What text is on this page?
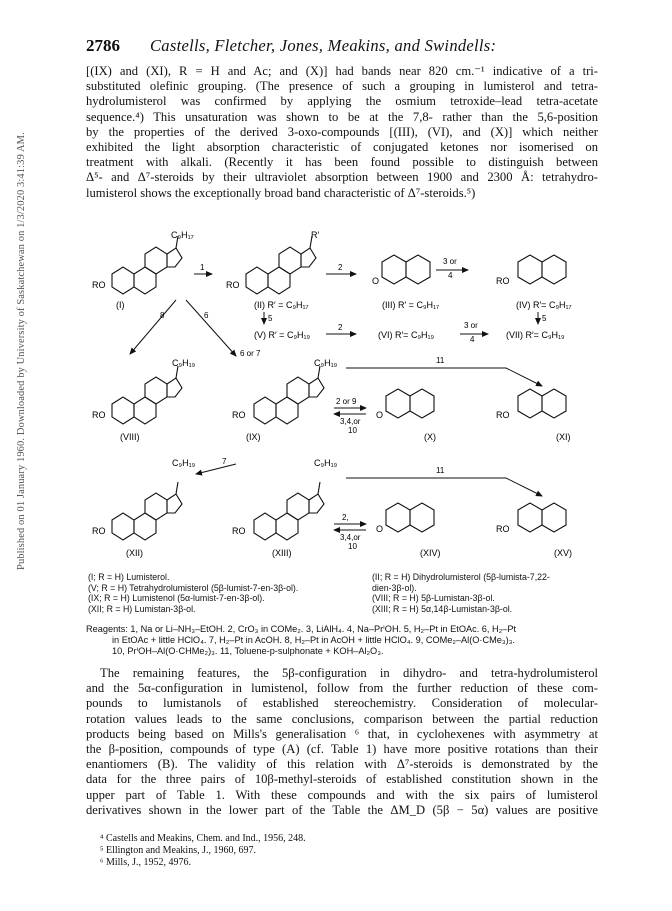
Published on 01 January 1960. Downloaded by University of Saskatchewan on 1/3/2020 3:41:39 AM.
2786 Castells, Fletcher, Jones, Meakins, and Swindells:
[(IX) and (XI), R = H and Ac; and (X)] had bands near 820 cm.⁻¹ indicative of a tri-
substituted olefinic grouping. (The presence of such a grouping in lumisterol and tetra-
hydrolumisterol was confirmed by applying the osmium tetroxide–lead tetra-acetate
sequence.⁴) This unsaturation was shown to be at the 7,8- rather than the 5,6-position
by the properties of the derived 3-oxo-compounds [(III), (VI), and (X)] which neither
exhibited the light absorption characteristic of conjugated ketones nor isomerised on
treatment with alkali. (Recently it has been found possible to distinguish between
Δ⁵- and Δ⁷-steroids by their ultraviolet absorption between 1900 and 2300 Å: tetrahydro-
lumisterol shows the exceptionally broad band characteristic of Δ⁷-steroids.⁵)
C₉H₁₇
RO
(I)
1
R′
RO
(II) R′ = C₉H₁₇
2
O
(III) R′ = C₉H₁₇
3 or
4
RO
(IV) R′= C₉H₁₇
5	5
(V) R′ = C₉H₁₉
2
(VI) R′= C₉H₁₉
3 or
4	(VII) R′= C₉H₁₉
8	6
6 or 7
C₉H₁₉
RO
(VIII)
C₉H₁₉
RO
(IX)
2 or 9
3,4,or
10
11
O
(X)
RO
(XI)
7
C₉H₁₉
RO
(XII)
C₉H₁₉
RO
(XIII)
2,
3,4,or
10
11
O
(XIV)
RO
(XV)
(I; R = H) Lumisterol.	(II; R = H) Dihydrolumisterol (5β-lumista-7,22-
(V; R = H) Tetrahydrolumisterol (5β-lumist-7-en-3β-ol).	dien-3β-ol).
(IX; R = H) Lumistenol (5α-lumist-7-en-3β-ol).	(VIII; R = H) 5β-Lumistan-3β-ol.
(XII; R = H) Lumistan-3β-ol.	(XIII; R = H) 5α,14β-Lumistan-3β-ol.
Reagents: 1, Na or Li–NH₃–EtOH. 2, CrO₃ in COMe₂. 3, LiAlH₄. 4, Na–PrⁱOH. 5, H₂–Pt in EtOAc. 6, H₂–Pt
in EtOAc + little HClO₄. 7, H₂–Pt in AcOH. 8, H₂–Pt in AcOH + little HClO₄. 9, COMe₂–Al(O·CMe₃)₃.
10, PrⁱOH–Al(O·CHMe₂)₃. 11, Toluene-p-sulphonate + KOH–Al₂O₃.
The remaining features, the 5β-configuration in dihydro- and tetra-hydrolumisterol
and the 5α-configuration in lumistenol, follow from the further reduction of these com-
pounds to lumistanols of established stereochemistry. Consideration of molecular-
rotation values leads to the same conclusions, comparison between the partial reduction
products being based on Mills's generalisation ⁶ that, in cyclohexenes with asymmetry at
the β-position, compounds of type (A) (cf. Table 1) have more positive rotations than their
enantiomers (B). The validity of this relation with Δ⁷-steroids is demonstrated by the
data for the three pairs of 10β-methyl-steroids of established constitution shown in the
upper part of Table 1. With these compounds and with the six pairs of lumisterol
derivatives shown in the lower part of the Table the ΔM_D (5β − 5α) values are positive
⁴ Castells and Meakins, Chem. and Ind., 1956, 248.
⁵ Ellington and Meakins, J., 1960, 697.
⁶ Mills, J., 1952, 4976.
